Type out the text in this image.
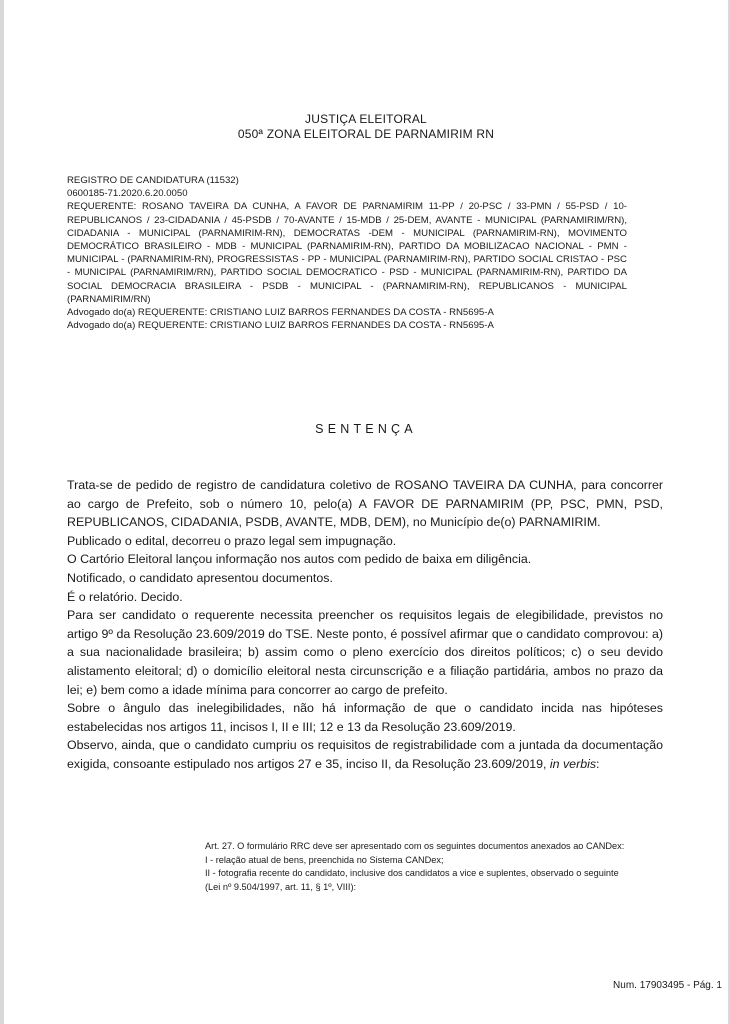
JUSTIÇA ELEITORAL
050ª ZONA ELEITORAL DE PARNAMIRIM RN
REGISTRO DE CANDIDATURA (11532)
0600185-71.2020.6.20.0050
REQUERENTE: ROSANO TAVEIRA DA CUNHA, A FAVOR DE PARNAMIRIM 11-PP / 20-PSC / 33-PMN / 55-PSD / 10-REPUBLICANOS / 23-CIDADANIA / 45-PSDB / 70-AVANTE / 15-MDB / 25-DEM, AVANTE - MUNICIPAL (PARNAMIRIM/RN), CIDADANIA - MUNICIPAL (PARNAMIRIM-RN), DEMOCRATAS -DEM - MUNICIPAL (PARNAMIRIM-RN), MOVIMENTO DEMOCRÁTICO BRASILEIRO - MDB - MUNICIPAL (PARNAMIRIM-RN), PARTIDO DA MOBILIZACAO NACIONAL - PMN - MUNICIPAL - (PARNAMIRIM-RN), PROGRESSISTAS - PP - MUNICIPAL (PARNAMIRIM-RN), PARTIDO SOCIAL CRISTAO - PSC - MUNICIPAL (PARNAMIRIM/RN), PARTIDO SOCIAL DEMOCRATICO - PSD - MUNICIPAL (PARNAMIRIM-RN), PARTIDO DA SOCIAL DEMOCRACIA BRASILEIRA - PSDB - MUNICIPAL - (PARNAMIRIM-RN), REPUBLICANOS - MUNICIPAL (PARNAMIRIM/RN)
Advogado do(a) REQUERENTE: CRISTIANO LUIZ BARROS FERNANDES DA COSTA - RN5695-A
Advogado do(a) REQUERENTE: CRISTIANO LUIZ BARROS FERNANDES DA COSTA - RN5695-A
SENTENÇA

Trata-se de pedido de registro de candidatura coletivo de ROSANO TAVEIRA DA CUNHA, para concorrer ao cargo de Prefeito, sob o número 10, pelo(a) A FAVOR DE PARNAMIRIM (PP, PSC, PMN, PSD, REPUBLICANOS, CIDADANIA, PSDB, AVANTE, MDB, DEM), no Município de(o) PARNAMIRIM.

Publicado o edital, decorreu o prazo legal sem impugnação.

O Cartório Eleitoral lançou informação nos autos com pedido de baixa em diligência.

Notificado, o candidato apresentou documentos.

É o relatório. Decido.

Para ser candidato o requerente necessita preencher os requisitos legais de elegibilidade, previstos no artigo 9º da Resolução 23.609/2019 do TSE. Neste ponto, é possível afirmar que o candidato comprovou: a) a sua nacionalidade brasileira; b) assim como o pleno exercício dos direitos políticos; c) o seu devido alistamento eleitoral; d) o domicílio eleitoral nesta circunscrição e a filiação partidária, ambos no prazo da lei; e) bem como a idade mínima para concorrer ao cargo de prefeito.

Sobre o ângulo das inelegibilidades, não há informação de que o candidato incida nas hipóteses estabelecidas nos artigos 11, incisos I, II e III; 12 e 13 da Resolução 23.609/2019.

Observo, ainda, que o candidato cumpriu os requisitos de registrabilidade com a juntada da documentação exigida, consoante estipulado nos artigos 27 e 35, inciso II, da Resolução 23.609/2019, in verbis:

Art. 27. O formulário RRC deve ser apresentado com os seguintes documentos anexados ao CANDex:
I - relação atual de bens, preenchida no Sistema CANDex;
II - fotografia recente do candidato, inclusive dos candidatos a vice e suplentes, observado o seguinte (Lei nº 9.504/1997, art. 11, § 1º, VIII):
Num. 17903495 - Pág. 1
